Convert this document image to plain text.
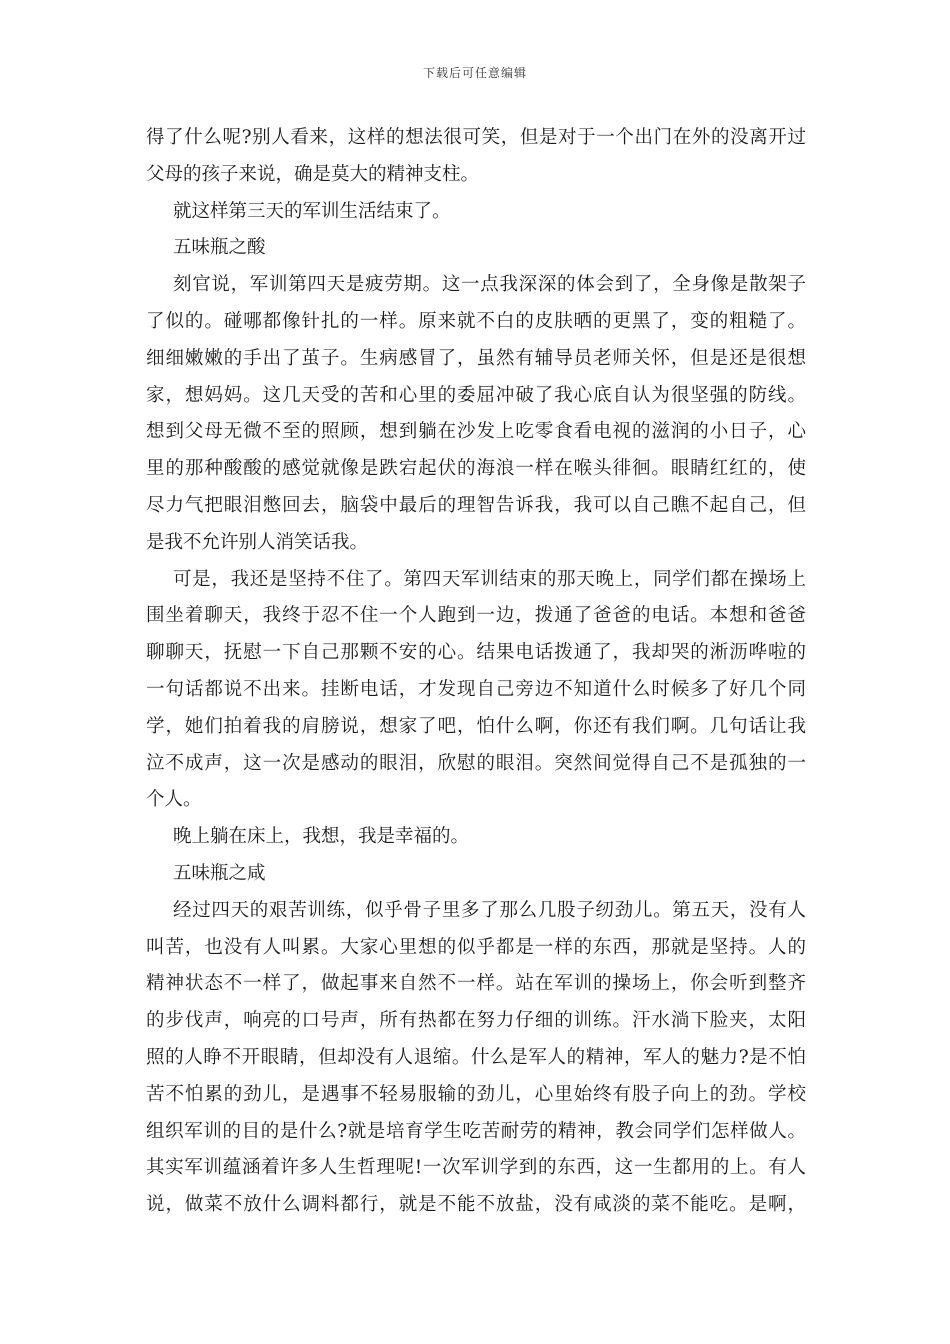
下载后可任意编辑
得了什么呢?别人看来，这样的想法很可笑，但是对于一个出门在外的没离开过
父母的孩子来说，确是莫大的精神支柱。
就这样第三天的军训生活结束了。
五味瓶之酸
刻官说，军训第四天是疲劳期。这一点我深深的体会到了，全身像是散架子
了似的。碰哪都像针扎的一样。原来就不白的皮肤晒的更黑了，变的粗糙了。
细细嫩嫩的手出了茧子。生病感冒了，虽然有辅导员老师关怀，但是还是很想
家，想妈妈。这几天受的苦和心里的委屈冲破了我心底自认为很坚强的防线。
想到父母无微不至的照顾，想到躺在沙发上吃零食看电视的滋润的小日子，心
里的那种酸酸的感觉就像是跌宕起伏的海浪一样在喉头徘徊。眼睛红红的，使
尽力气把眼泪憋回去，脑袋中最后的理智告诉我，我可以自己瞧不起自己，但
是我不允许别人消笑话我。
可是，我还是坚持不住了。第四天军训结束的那天晚上，同学们都在操场上
围坐着聊天，我终于忍不住一个人跑到一边，拨通了爸爸的电话。本想和爸爸
聊聊天，抚慰一下自己那颗不安的心。结果电话拨通了，我却哭的淅沥哗啦的
一句话都说不出来。挂断电话，才发现自己旁边不知道什么时候多了好几个同
学，她们拍着我的肩膀说，想家了吧，怕什么啊，你还有我们啊。几句话让我
泣不成声，这一次是感动的眼泪，欣慰的眼泪。突然间觉得自己不是孤独的一
个人。
晚上躺在床上，我想，我是幸福的。
五味瓶之咸
经过四天的艰苦训练，似乎骨子里多了那么几股子纫劲儿。第五天，没有人
叫苦，也没有人叫累。大家心里想的似乎都是一样的东西，那就是坚持。人的
精神状态不一样了，做起事来自然不一样。站在军训的操场上，你会听到整齐
的步伐声，响亮的口号声，所有热都在努力仔细的训练。汗水淌下脸夹，太阳
照的人睁不开眼睛，但却没有人退缩。什么是军人的精神，军人的魅力?是不怕
苦不怕累的劲儿，是遇事不轻易服输的劲儿，心里始终有股子向上的劲。学校
组织军训的目的是什么?就是培育学生吃苦耐劳的精神，教会同学们怎样做人。
其实军训蕴涵着许多人生哲理呢!一次军训学到的东西，这一生都用的上。有人
说，做菜不放什么调料都行，就是不能不放盐，没有咸淡的菜不能吃。是啊，
